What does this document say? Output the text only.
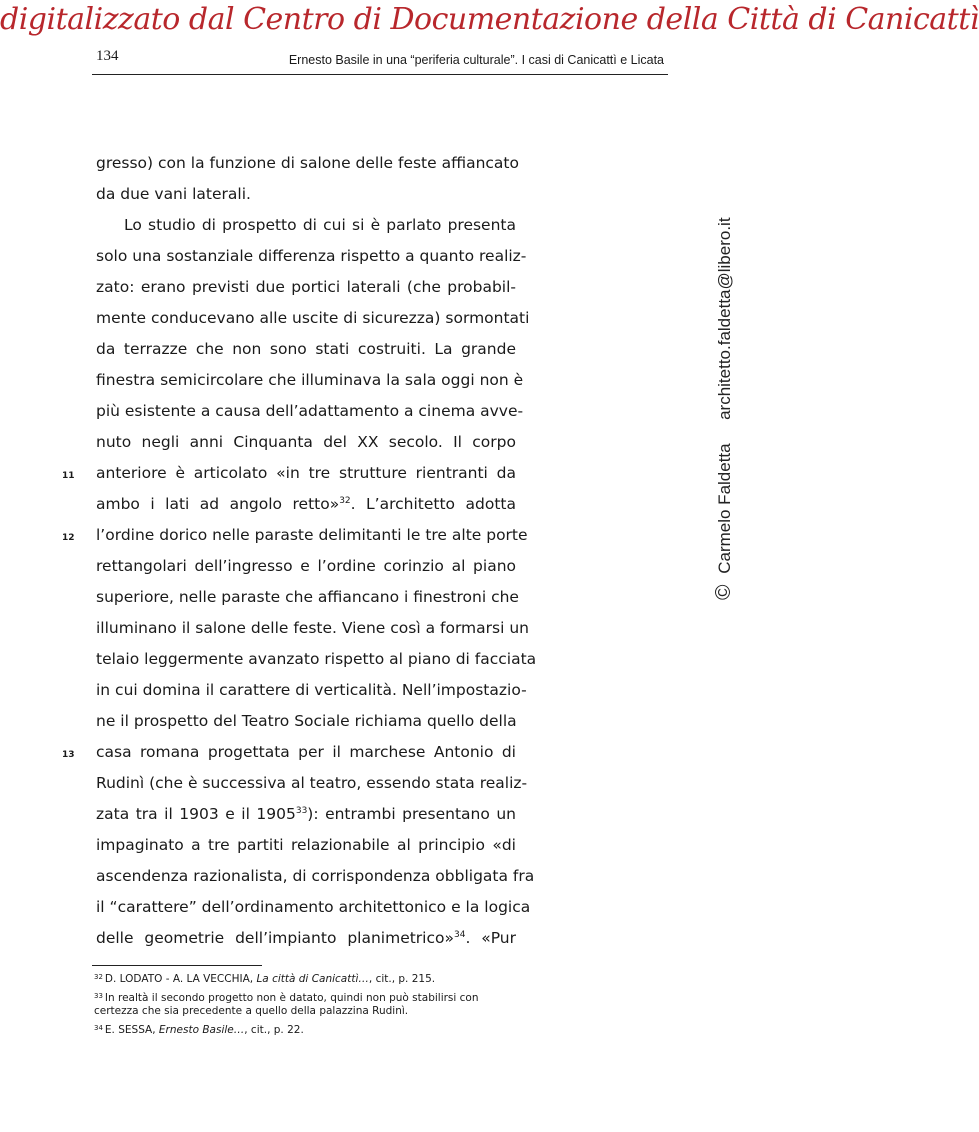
digitalizzato dal Centro di Documentazione della Città di Canicattì
134	Ernesto Basile in una “periferia culturale”. I casi di Canicattì e Licata
gresso) con la funzione di salone delle feste affiancato
da due vani laterali.
Lo studio di prospetto di cui si è parlato presenta
solo una sostanziale differenza rispetto a quanto realiz-
zato: erano previsti due portici laterali (che probabil-
mente conducevano alle uscite di sicurezza) sormontati
da terrazze che non sono stati costruiti. La grande
finestra semicircolare che illuminava la sala oggi non è
più esistente a causa dell’adattamento a cinema avve-
nuto negli anni Cinquanta del XX secolo. Il corpo
anteriore è articolato «in tre strutture rientranti da
ambo i lati ad angolo retto»$^{32}$. L’architetto adotta
l’ordine dorico nelle paraste delimitanti le tre alte porte
rettangolari dell’ingresso e l’ordine corinzio al piano
superiore, nelle paraste che affiancano i finestroni che
illuminano il salone delle feste. Viene così a formarsi un
telaio leggermente avanzato rispetto al piano di facciata
in cui domina il carattere di verticalità. Nell’impostazio-
ne il prospetto del Teatro Sociale richiama quello della
casa romana progettata per il marchese Antonio di
Rudinì (che è successiva al teatro, essendo stata realiz-
zata tra il 1903 e il 1905$^{33}$): entrambi presentano un
impaginato a tre partiti relazionabile al principio «di
ascendenza razionalista, di corrispondenza obbligata fra
il “carattere” dell’ordinamento architettonico e la logica
delle geometrie dell’impianto planimetrico»$^{34}$. «Pur
11
12
13
© Carmelo Faldetta  architetto.faldetta@libero.it
$^{32}$ D. LODATO - A. LA VECCHIA, La città di Canicattì…, cit., p. 215.
$^{33}$ In realtà il secondo progetto non è datato, quindi non può stabilirsi con certezza che sia precedente a quello della palazzina Rudinì.
$^{34}$ E. SESSA, Ernesto Basile…, cit., p. 22.
